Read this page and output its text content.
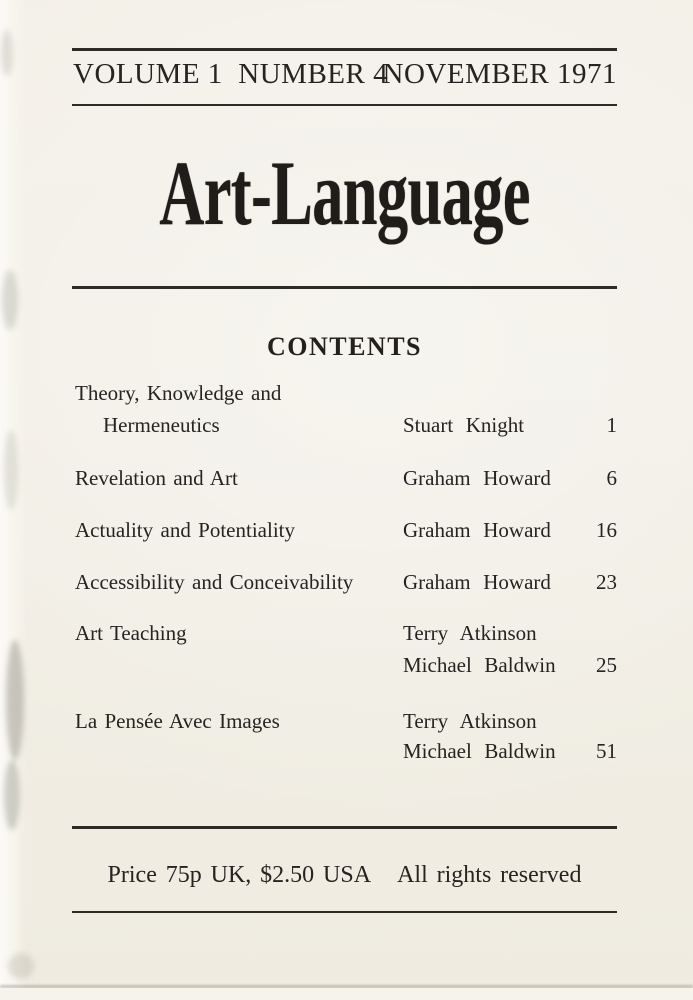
VOLUME 1  NUMBER 4
NOVEMBER 1971
Art-Language
CONTENTS
Theory, Knowledge and
Hermeneutics	Stuart Knight	1
Revelation and Art	Graham Howard	6
Actuality and Potentiality	Graham Howard	16
Accessibility and Conceivability Graham Howard	23
Art Teaching	Terry Atkinson
Michael Baldwin	25
La Pensée Avec Images	Terry Atkinson
Michael Baldwin	51
Price 75p UK, $2.50 USA All rights reserved
